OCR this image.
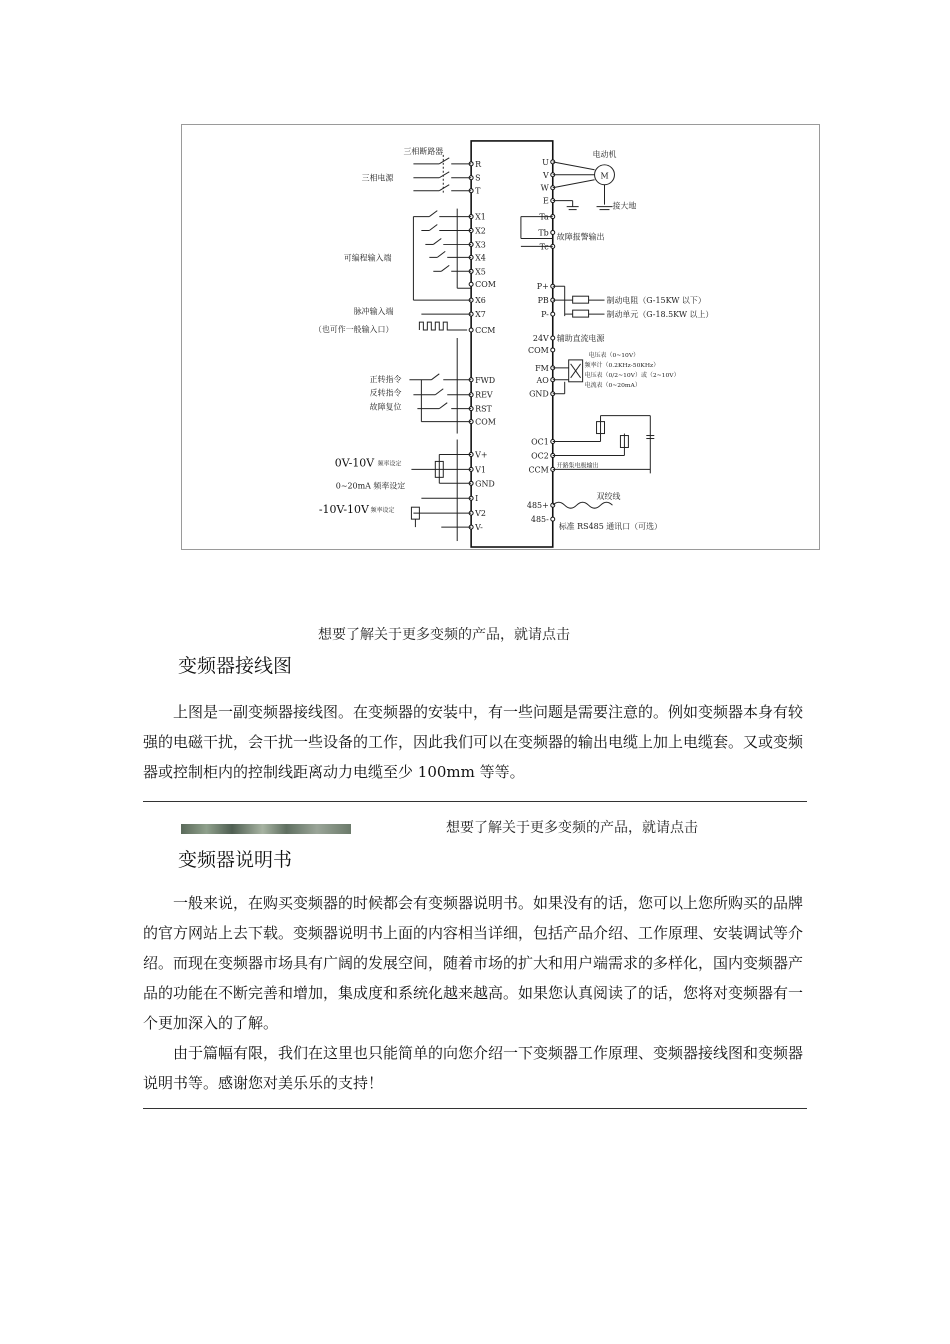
R
S
T
X1
X2
X3
X4
X5
COM
X6
X7
CCM
FWD
REV
RST
COM
V+
V1
GND
I
V2
V-
U
V
W
E
Ta
Tb
Tc
P+
PB
P-
24V
COM
FM
AO
GND
OC1
OC2
CCM
485+
485-
三相断路器
三相电源
可编程输入端
脉冲输入端
（也可作一般输入口）
正转指令
反转指令
故障复位
0V-10V 频率设定
0~20mA 频率设定
-10V-10V 频率设定
电动机
M
接大地
故障报警输出
制动电阻（G-15KW 以下）
制动单元（G-18.5KW 以上）
辅助直流电源
电压表（0~10V）
频率计（0.2KHz-50KHz）
电压表（0/2~10V）或（2~10V）
电流表（0~20mA）
开路集电极输出
双绞线
标准 RS485 通讯口（可选）
想要了解关于更多变频的产品，就请点击
变频器接线图

上图是一副变频器接线图。在变频器的安装中，有一些问题是需要注意的。例如变频器本身有较强的电磁干扰，会干扰一些设备的工作，因此我们可以在变频器的输出电缆上加上电缆套。又或变频器或控制柜内的控制线距离动力电缆至少 100mm 等等。

想要了解关于更多变频的产品，就请点击
变频器说明书

一般来说，在购买变频器的时候都会有变频器说明书。如果没有的话，您可以上您所购买的品牌的官方网站上去下载。变频器说明书上面的内容相当详细，包括产品介绍、工作原理、安装调试等介绍。而现在变频器市场具有广阔的发展空间，随着市场的扩大和用户端需求的多样化，国内变频器产品的功能在不断完善和增加，集成度和系统化越来越高。如果您认真阅读了的话，您将对变频器有一个更加深入的了解。

由于篇幅有限，我们在这里也只能简单的向您介绍一下变频器工作原理、变频器接线图和变频器说明书等。感谢您对美乐乐的支持！
